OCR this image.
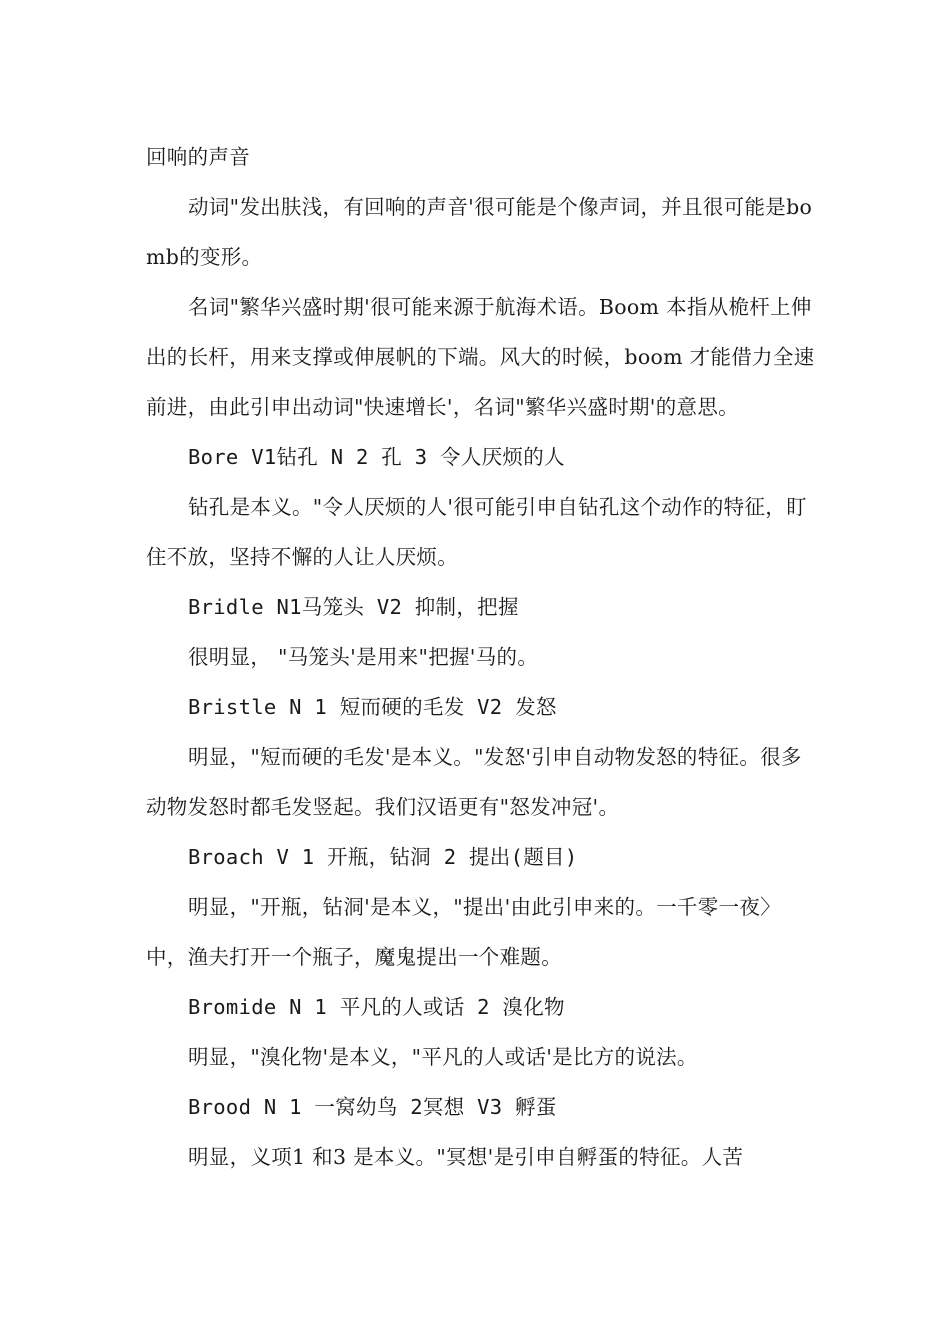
回响的声音

动词"发出肤浅，有回响的声音'很可能是个像声词，并且很可能是bomb的变形。

名词"繁华兴盛时期'很可能来源于航海术语。Boom 本指从桅杆上伸出的长杆，用来支撑或伸展帆的下端。风大的时候，boom 才能借力全速前进，由此引申出动词"快速增长'，名词"繁华兴盛时期'的意思。

Bore V1钻孔 N 2 孔 3 令人厌烦的人

钻孔是本义。"令人厌烦的人'很可能引申自钻孔这个动作的特征，盯住不放，坚持不懈的人让人厌烦。

Bridle N1马笼头 V2 抑制，把握

很明显， "马笼头'是用来"把握'马的。

Bristle N 1 短而硬的毛发 V2 发怒

明显，"短而硬的毛发'是本义。"发怒'引申自动物发怒的特征。很多动物发怒时都毛发竖起。我们汉语更有"怒发冲冠'。

Broach V 1 开瓶，钻洞 2 提出(题目)

明显，"开瓶，钻洞'是本义，"提出'由此引申来的。一千零一夜〉中，渔夫打开一个瓶子，魔鬼提出一个难题。

Bromide N 1 平凡的人或话 2 溴化物

明显，"溴化物'是本义，"平凡的人或话'是比方的说法。

Brood N 1 一窝幼鸟 2冥想 V3 孵蛋

明显，义项1 和3 是本义。"冥想'是引申自孵蛋的特征。人苦
